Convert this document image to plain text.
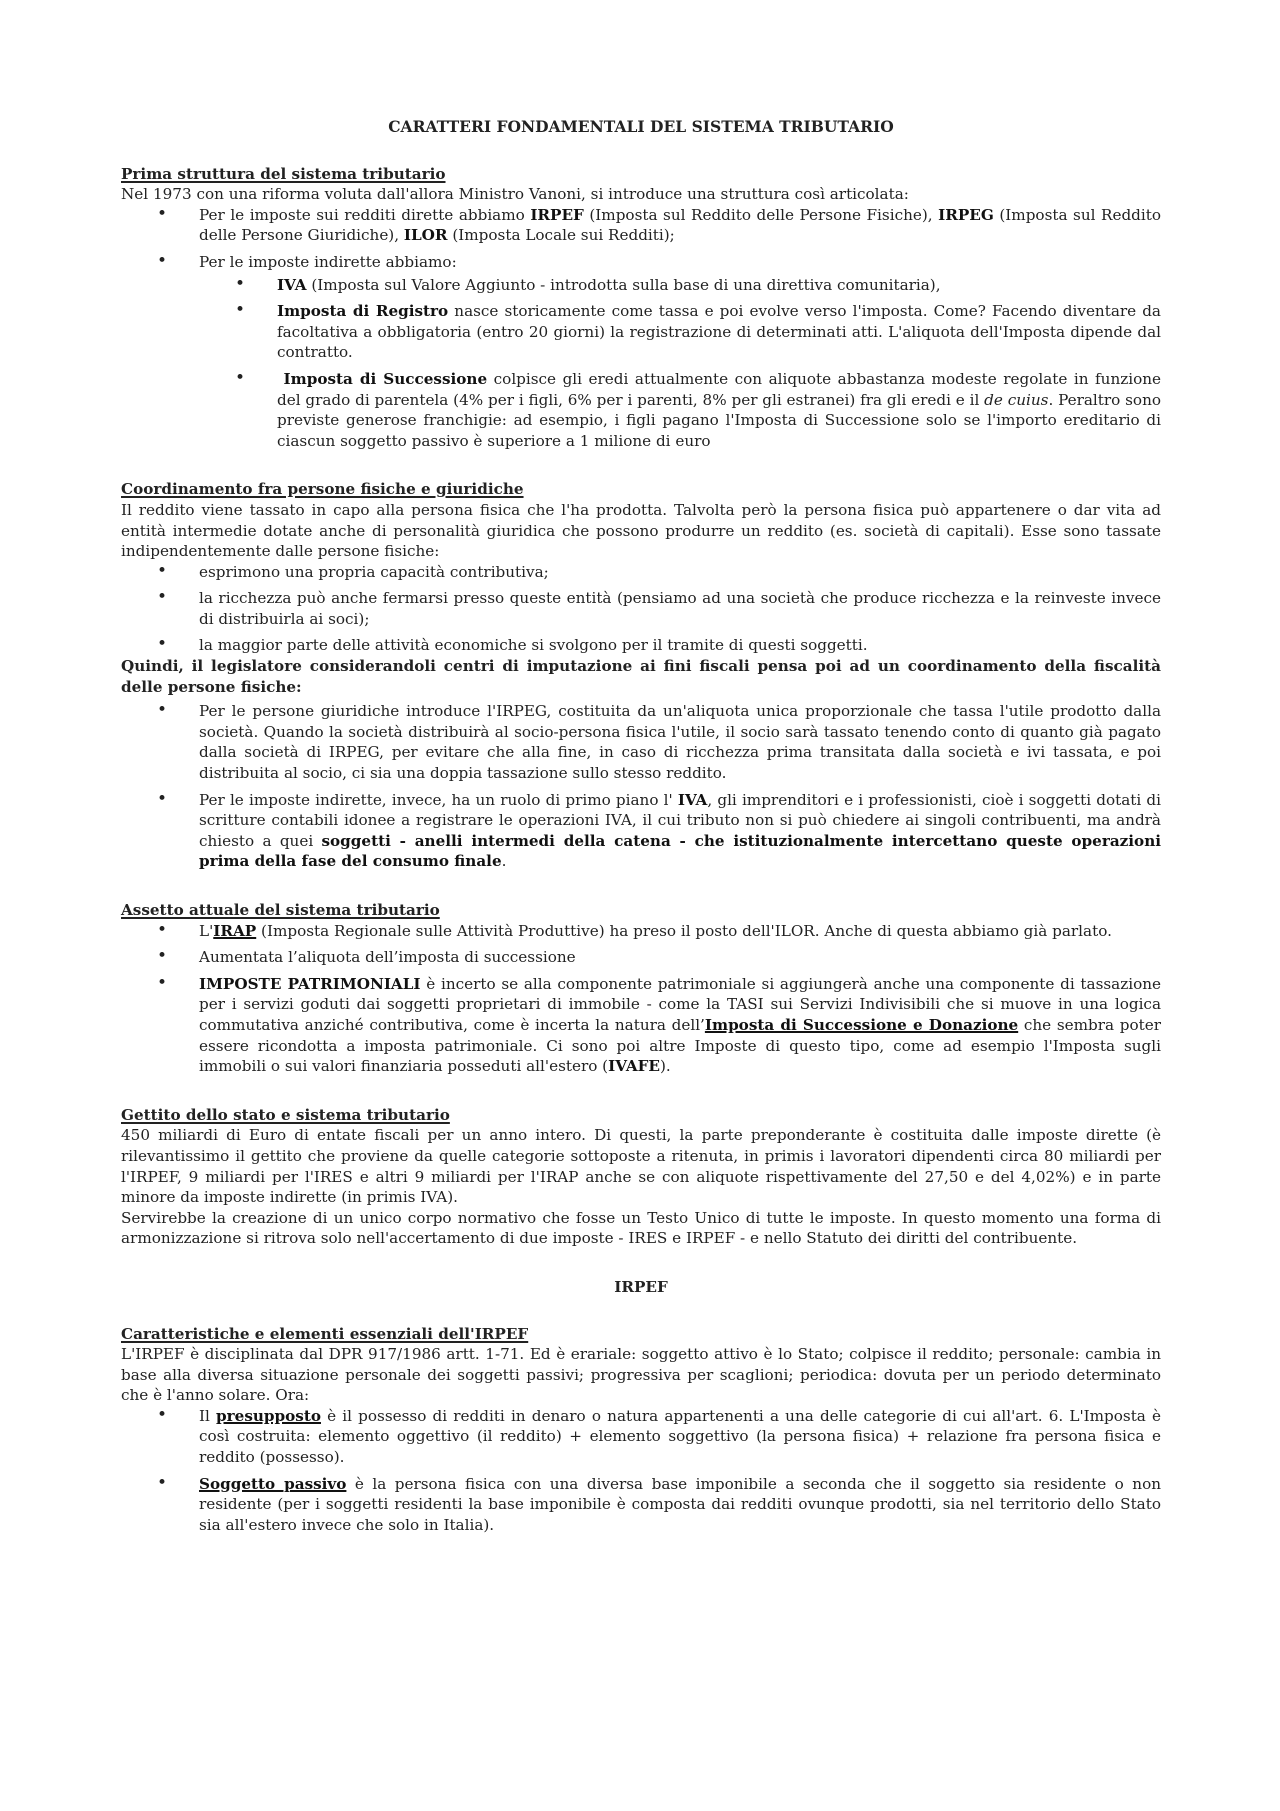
CARATTERI FONDAMENTALI DEL SISTEMA TRIBUTARIO
Prima struttura del sistema tributario

Nel 1973 con una riforma voluta dall'allora Ministro Vanoni, si introduce una struttura così articolata:

• Per le imposte sui redditi dirette abbiamo IRPEF (Imposta sul Reddito delle Persone Fisiche), IRPEG (Imposta sul Reddito delle Persone Giuridiche), ILOR (Imposta Locale sui Redditi);
• Per le imposte indirette abbiamo:
• IVA (Imposta sul Valore Aggiunto - introdotta sulla base di una direttiva comunitaria),
• Imposta di Registro nasce storicamente come tassa e poi evolve verso l'imposta. Come? Facendo diventare da facoltativa a obbligatoria (entro 20 giorni) la registrazione di determinati atti. L'aliquota dell'Imposta dipende dal contratto.
•	Imposta di Successione colpisce gli eredi attualmente con aliquote abbastanza modeste regolate in funzione del grado di parentela (4% per i figli, 6% per i parenti, 8% per gli estranei) fra gli eredi e il de cuius. Peraltro sono previste generose franchigie: ad esempio, i figli pagano l'Imposta di Successione solo se l'importo ereditario di ciascun soggetto passivo è superiore a 1 milione di euro
Coordinamento fra persone fisiche e giuridiche

Il reddito viene tassato in capo alla persona fisica che l'ha prodotta. Talvolta però la persona fisica può appartenere o dar vita ad entità intermedie dotate anche di personalità giuridica che possono produrre un reddito (es. società di capitali). Esse sono tassate indipendentemente dalle persone fisiche:

• esprimono una propria capacità contributiva;
• la ricchezza può anche fermarsi presso queste entità (pensiamo ad una società che produce ricchezza e la reinveste invece di distribuirla ai soci);
• la maggior parte delle attività economiche si svolgono per il tramite di questi soggetti.

Quindi, il legislatore considerandoli centri di imputazione ai fini fiscali pensa poi ad un coordinamento della fiscalità delle persone fisiche:

• Per le persone giuridiche introduce l'IRPEG, costituita da un'aliquota unica proporzionale che tassa l'utile prodotto dalla società. Quando la società distribuirà al socio-persona fisica l'utile, il socio sarà tassato tenendo conto di quanto già pagato dalla società di IRPEG, per evitare che alla fine, in caso di ricchezza prima transitata dalla società e ivi tassata, e poi distribuita al socio, ci sia una doppia tassazione sullo stesso reddito.
• Per le imposte indirette, invece, ha un ruolo di primo piano l' IVA, gli imprenditori e i professionisti, cioè i soggetti dotati di scritture contabili idonee a registrare le operazioni IVA, il cui tributo non si può chiedere ai singoli contribuenti, ma andrà chiesto a quei soggetti - anelli intermedi della catena - che istituzionalmente intercettano queste operazioni prima della fase del consumo finale.
Assetto attuale del sistema tributario
• L'IRAP (Imposta Regionale sulle Attività Produttive) ha preso il posto dell'ILOR. Anche di questa abbiamo già parlato.
• Aumentata l’aliquota dell’imposta di successione
• IMPOSTE PATRIMONIALI è incerto se alla componente patrimoniale si aggiungerà anche una componente di tassazione per i servizi goduti dai soggetti proprietari di immobile - come la TASI sui Servizi Indivisibili che si muove in una logica commutativa anziché contributiva, come è incerta la natura dell’Imposta di Successione e Donazione che sembra poter essere ricondotta a imposta patrimoniale. Ci sono poi altre Imposte di questo tipo, come ad esempio l'Imposta sugli immobili o sui valori finanziaria posseduti all'estero (IVAFE).
Gettito dello stato e sistema tributario

450 miliardi di Euro di entate fiscali per un anno intero. Di questi, la parte preponderante è costituita dalle imposte dirette (è rilevantissimo il gettito che proviene da quelle categorie sottoposte a ritenuta, in primis i lavoratori dipendenti circa 80 miliardi per l'IRPEF, 9 miliardi per l'IRES e altri 9 miliardi per l'IRAP anche se con aliquote rispettivamente del 27,50 e del 4,02%) e in parte minore da imposte indirette (in primis IVA).

Servirebbe la creazione di un unico corpo normativo che fosse un Testo Unico di tutte le imposte. In questo momento una forma di armonizzazione si ritrova solo nell'accertamento di due imposte - IRES e IRPEF - e nello Statuto dei diritti del contribuente.

IRPEF
Caratteristiche e elementi essenziali dell'IRPEF

L'IRPEF è disciplinata dal DPR 917/1986 artt. 1-71. Ed è erariale: soggetto attivo è lo Stato; colpisce il reddito; personale: cambia in base alla diversa situazione personale dei soggetti passivi; progressiva per scaglioni; periodica: dovuta per un periodo determinato che è l'anno solare. Ora:

• Il presupposto è il possesso di redditi in denaro o natura appartenenti a una delle categorie di cui all'art. 6. L'Imposta è così costruita: elemento oggettivo (il reddito) + elemento soggettivo (la persona fisica) + relazione fra persona fisica e reddito (possesso).
• Soggetto passivo è la persona fisica con una diversa base imponibile a seconda che il soggetto sia residente o non residente (per i soggetti residenti la base imponibile è composta dai redditi ovunque prodotti, sia nel territorio dello Stato sia all'estero invece che solo in Italia).
